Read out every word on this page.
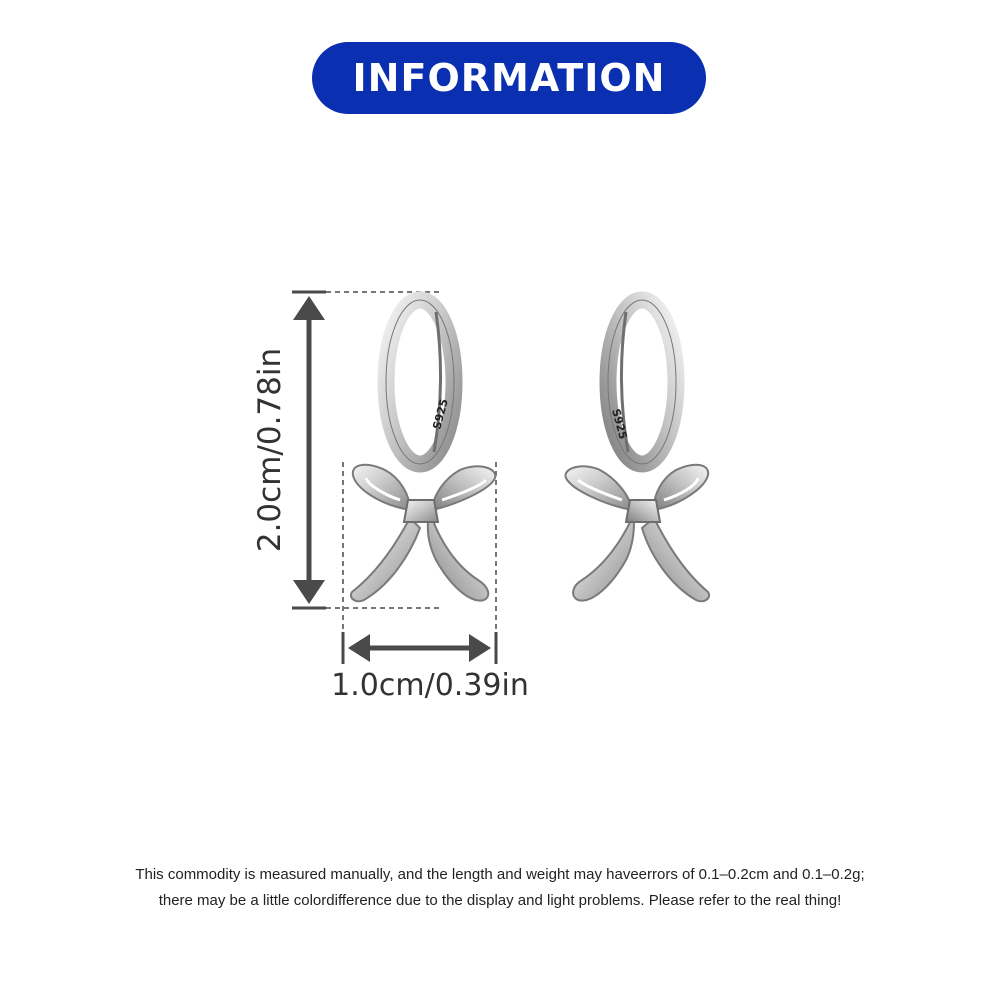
INFORMATION
S925	S925
2.0cm/0.78in
1.0cm/0.39in
This commodity is measured manually, and the length and weight may haveerrors of 0.1–0.2cm and 0.1–0.2g;
there may be a little colordifference due to the display and light problems. Please refer to the real thing!
